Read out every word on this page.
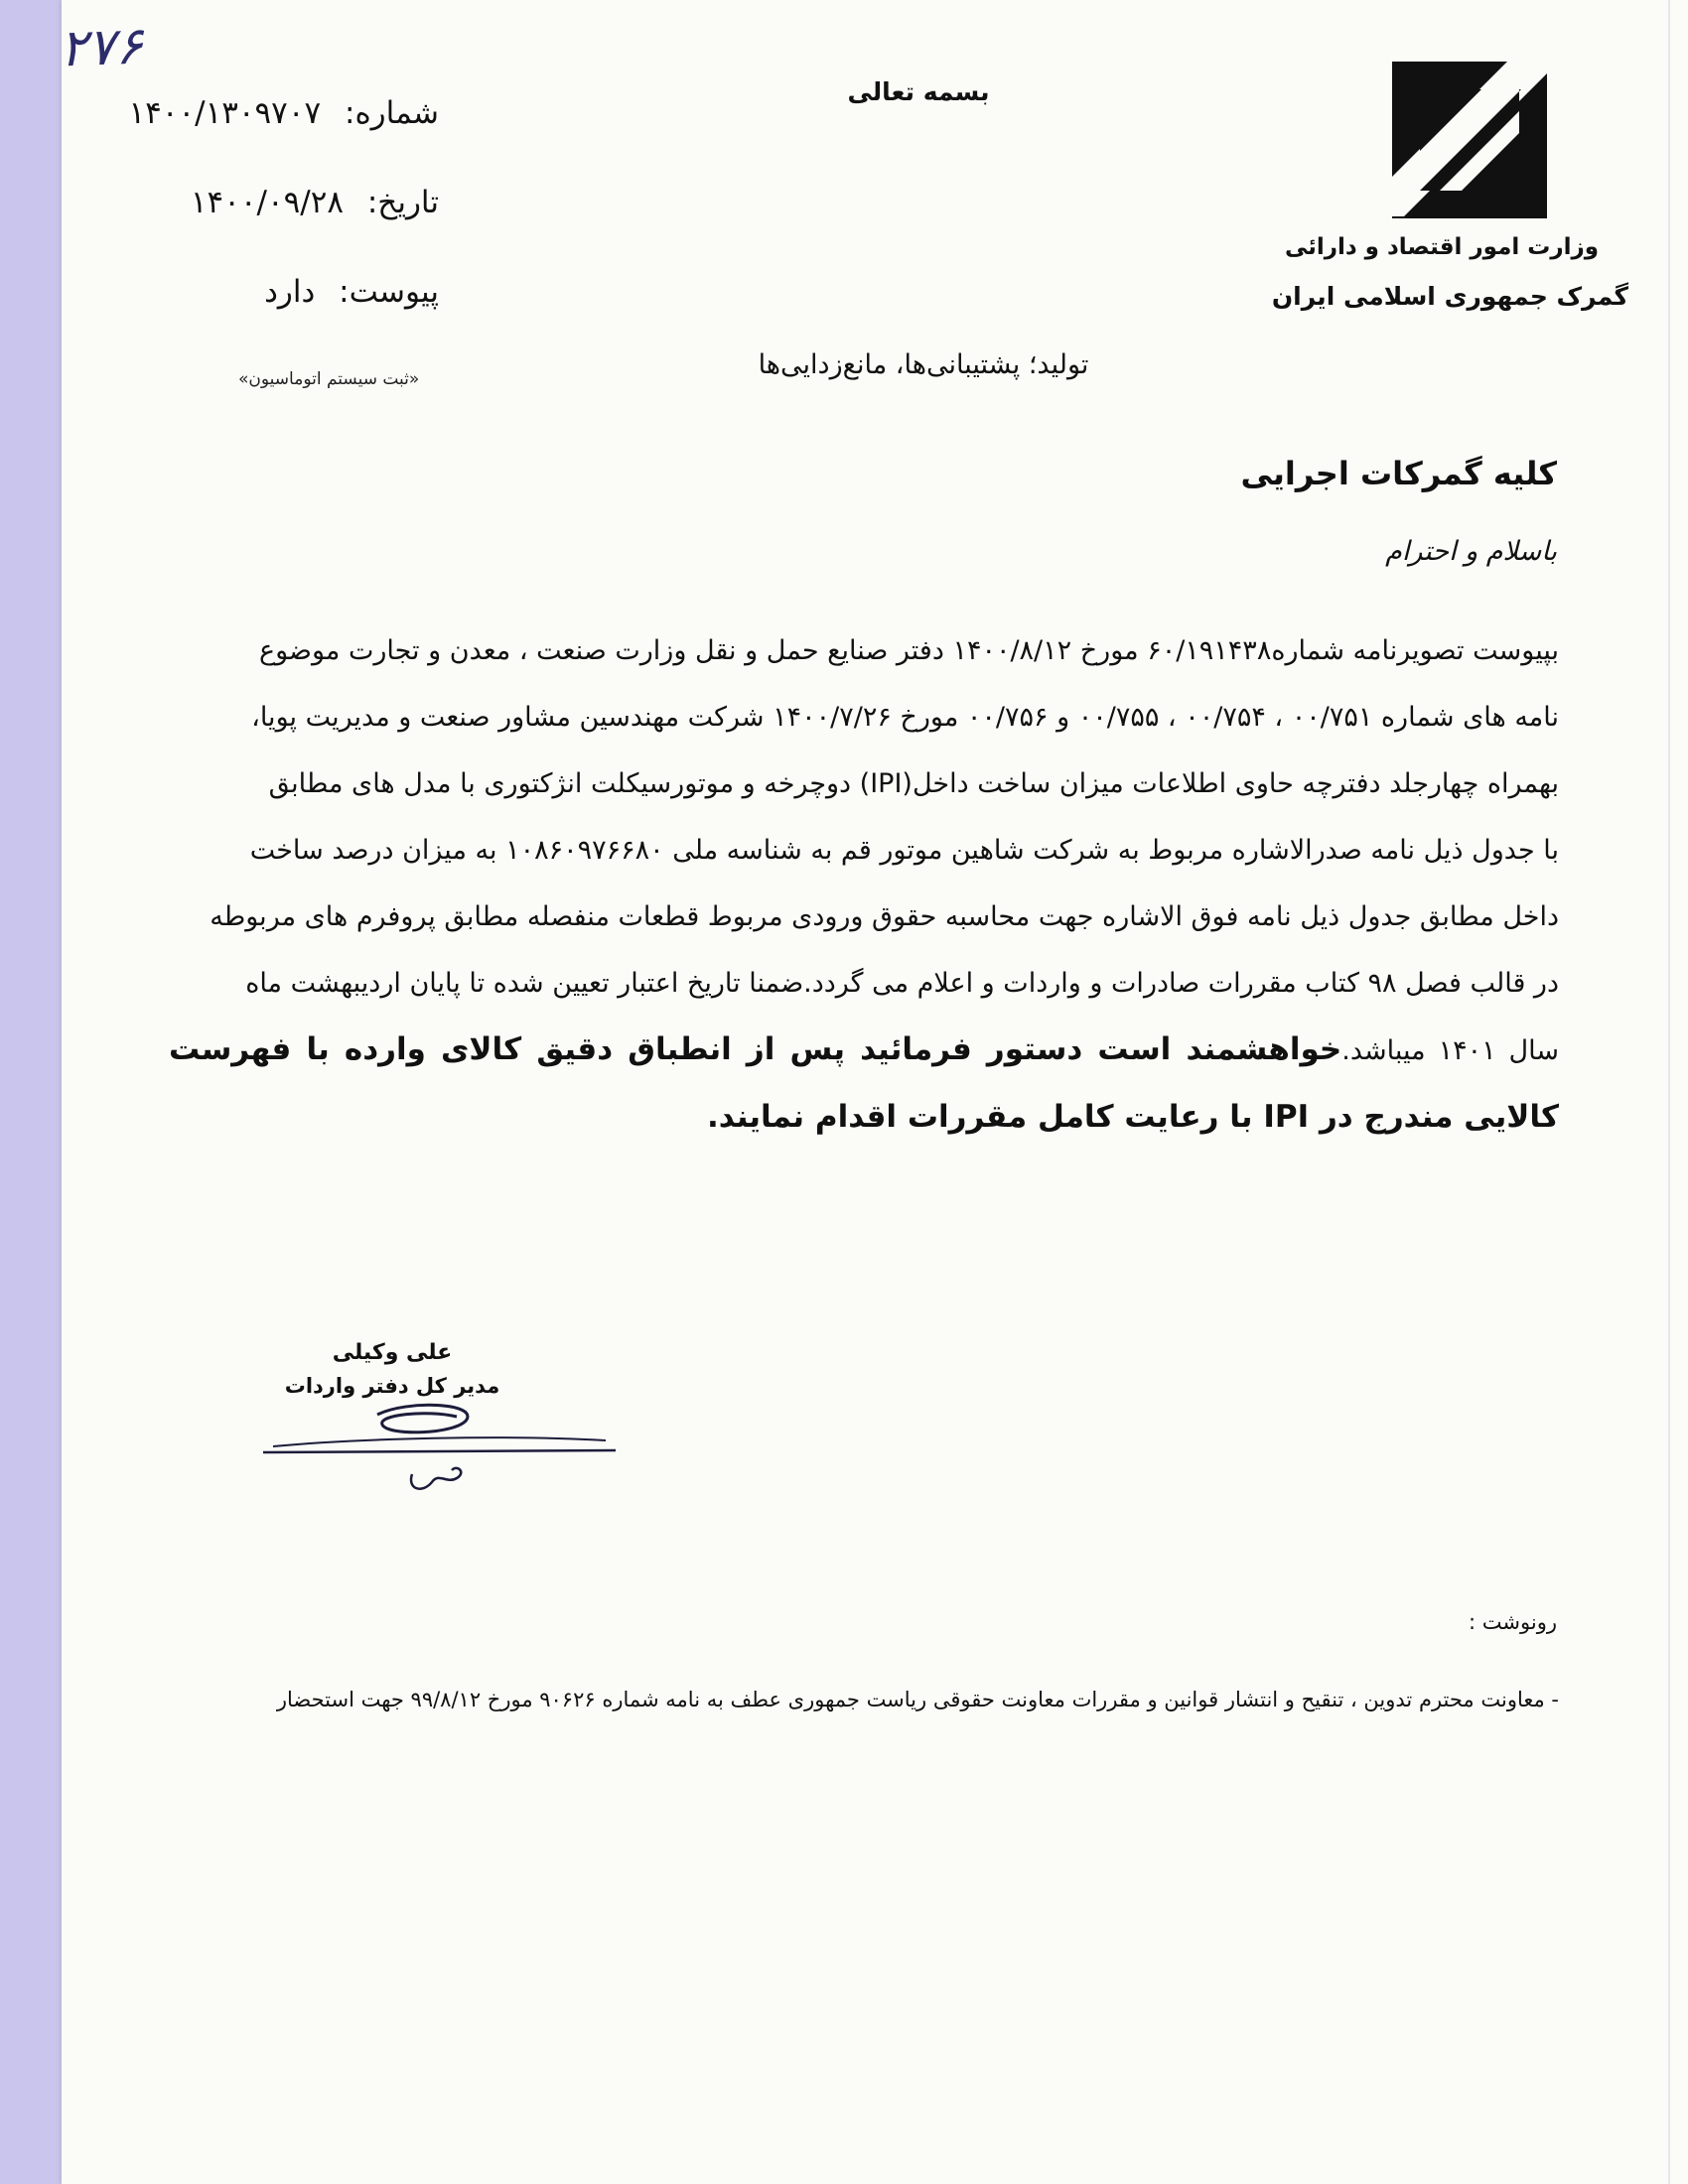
۲۷۶
شماره: ۱۴۰۰/۱۳۰۹۷۰۷
تاریخ: ۱۴۰۰/۰۹/۲۸
پیوست: دارد
«ثبت سیستم اتوماسیون»
بسمه تعالی
تولید؛ پشتیبانی‌ها، مانع‌زدایی‌ها
وزارت امور اقتصاد و دارائی
گمرک جمهوری اسلامی ایران
کلیه گمرکات اجرایی
باسلام و احترام
بپیوست تصویرنامه شماره۶۰/۱۹۱۴۳۸ مورخ ۱۴۰۰/۸/۱۲ دفتر صنایع حمل و نقل وزارت صنعت ، معدن و تجارت موضوع
نامه های شماره ۰۰/۷۵۱ ، ۰۰/۷۵۴ ، ۰۰/۷۵۵ و ۰۰/۷۵۶ مورخ ۱۴۰۰/۷/۲۶ شرکت مهندسین مشاور صنعت و مدیریت پویا،
بهمراه چهارجلد دفترچه حاوی اطلاعات میزان ساخت داخل(IPI) دوچرخه و موتورسیکلت انژکتوری با مدل های مطابق
با جدول ذیل نامه صدرالاشاره مربوط به شرکت شاهین موتور قم به شناسه ملی ۱۰۸۶۰۹۷۶۶۸۰ به میزان درصد ساخت
داخل مطابق جدول ذیل نامه فوق الاشاره جهت محاسبه حقوق ورودی مربوط قطعات منفصله مطابق پروفرم های مربوطه
در قالب فصل ۹۸ کتاب مقررات صادرات و واردات و اعلام می گردد.ضمنا تاریخ اعتبار تعیین شده تا پایان اردیبهشت ماه
سال ۱۴۰۱ میباشد.خواهشمند است دستور فرمائید پس از انطباق دقیق کالای وارده با فهرست کالایی مندرج در IPI با رعایت کامل مقررات اقدام نمایند.
علی وکیلی
مدیر کل دفتر واردات
رونوشت :
- معاونت محترم تدوین ، تنقیح و انتشار قوانین و مقررات معاونت حقوقی ریاست جمهوری عطف به نامه شماره ۹۰۶۲۶ مورخ ۹۹/۸/۱۲ جهت استحضار
